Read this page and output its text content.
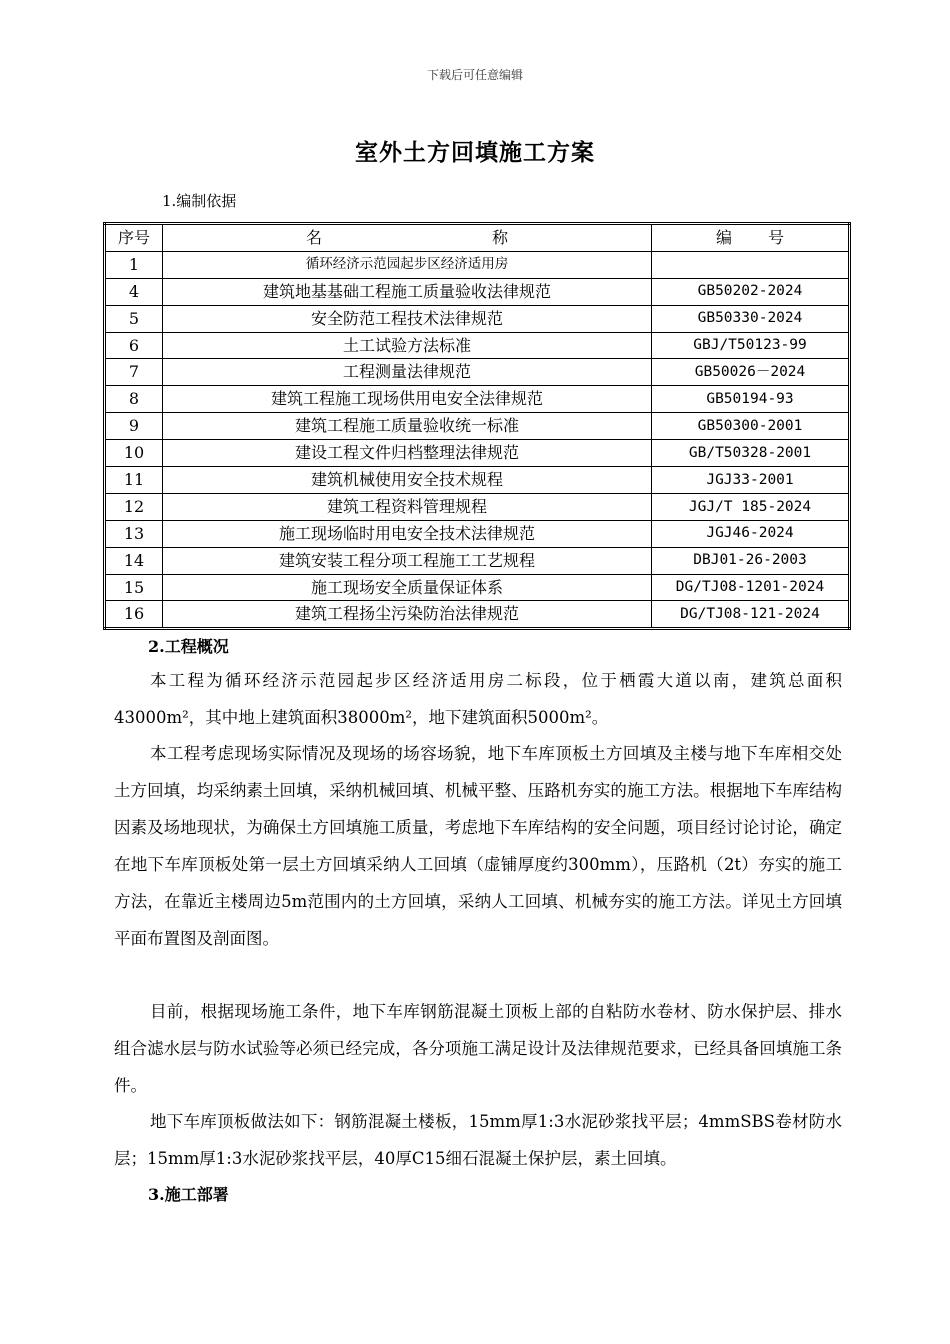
下载后可任意编辑
室外土方回填施工方案
1.编制依据
序号	名 称	编 号
1	循环经济示范园起步区经济适用房	
4	建筑地基基础工程施工质量验收法律规范	GB50202-2024
5	安全防范工程技术法律规范	GB50330-2024
6	土工试验方法标准	GBJ/T50123-99
7	工程测量法律规范	GB50026－2024
8	建筑工程施工现场供用电安全法律规范	GB50194-93
9	建筑工程施工质量验收统一标准	GB50300-2001
10	建设工程文件归档整理法律规范	GB/T50328-2001
11	建筑机械使用安全技术规程	JGJ33-2001
12	建筑工程资料管理规程	JGJ/T 185-2024
13	施工现场临时用电安全技术法律规范	JGJ46-2024
14	建筑安装工程分项工程施工工艺规程	DBJ01-26-2003
15	施工现场安全质量保证体系	DG/TJ08-1201-2024
16	建筑工程扬尘污染防治法律规范	DG/TJ08-121-2024
2.工程概况
本工程为循环经济示范园起步区经济适用房二标段，位于栖霞大道以南，建筑总面积43000m²，其中地上建筑面积38000m²，地下建筑面积5000m²。
本工程考虑现场实际情况及现场的场容场貌，地下车库顶板土方回填及主楼与地下车库相交处土方回填，均采纳素土回填，采纳机械回填、机械平整、压路机夯实的施工方法。根据地下车库结构因素及场地现状，为确保土方回填施工质量，考虑地下车库结构的安全问题，项目经讨论讨论，确定在地下车库顶板处第一层土方回填采纳人工回填（虚铺厚度约300mm），压路机（2t）夯实的施工方法，在靠近主楼周边5m范围内的土方回填，采纳人工回填、机械夯实的施工方法。详见土方回填平面布置图及剖面图。
目前，根据现场施工条件，地下车库钢筋混凝土顶板上部的自粘防水卷材、防水保护层、排水组合滤水层与防水试验等必须已经完成，各分项施工满足设计及法律规范要求，已经具备回填施工条件。
地下车库顶板做法如下：钢筋混凝土楼板，15mm厚1:3水泥砂浆找平层；4mmSBS卷材防水层；15mm厚1:3水泥砂浆找平层，40厚C15细石混凝土保护层，素土回填。
3.施工部署
